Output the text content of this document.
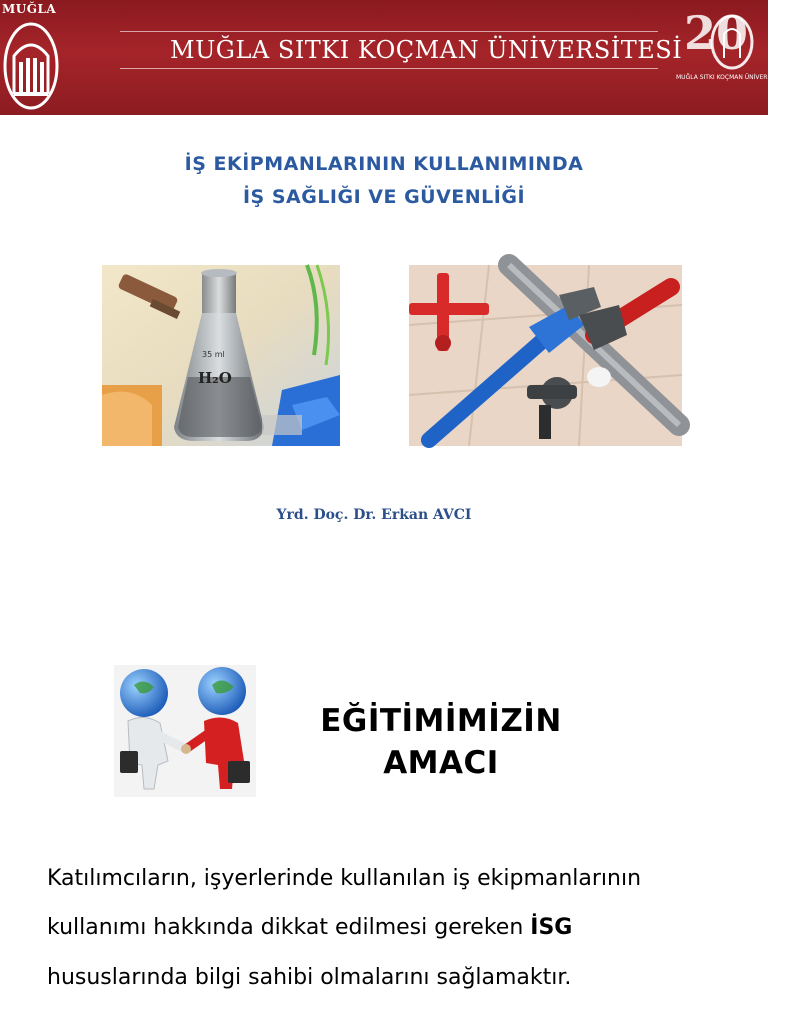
MUĞLA
MUĞLA SITKI KOÇMAN ÜNİVERSİTESİ 20
MUĞLA SITKI KOÇMAN ÜNİVERSİTESİ
İŞ EKİPMANLARININ KULLANIMINDA
İŞ SAĞLIĞI VE GÜVENLİĞİ
35 ml
H₂O
Yrd. Doç. Dr. Erkan AVCI
EĞİTİMİMİZİN
AMACI
Katılımcıların, işyerlerinde kullanılan iş ekipmanlarının
kullanımı hakkında dikkat edilmesi gereken İSG
hususlarında bilgi sahibi olmalarını sağlamaktır.
